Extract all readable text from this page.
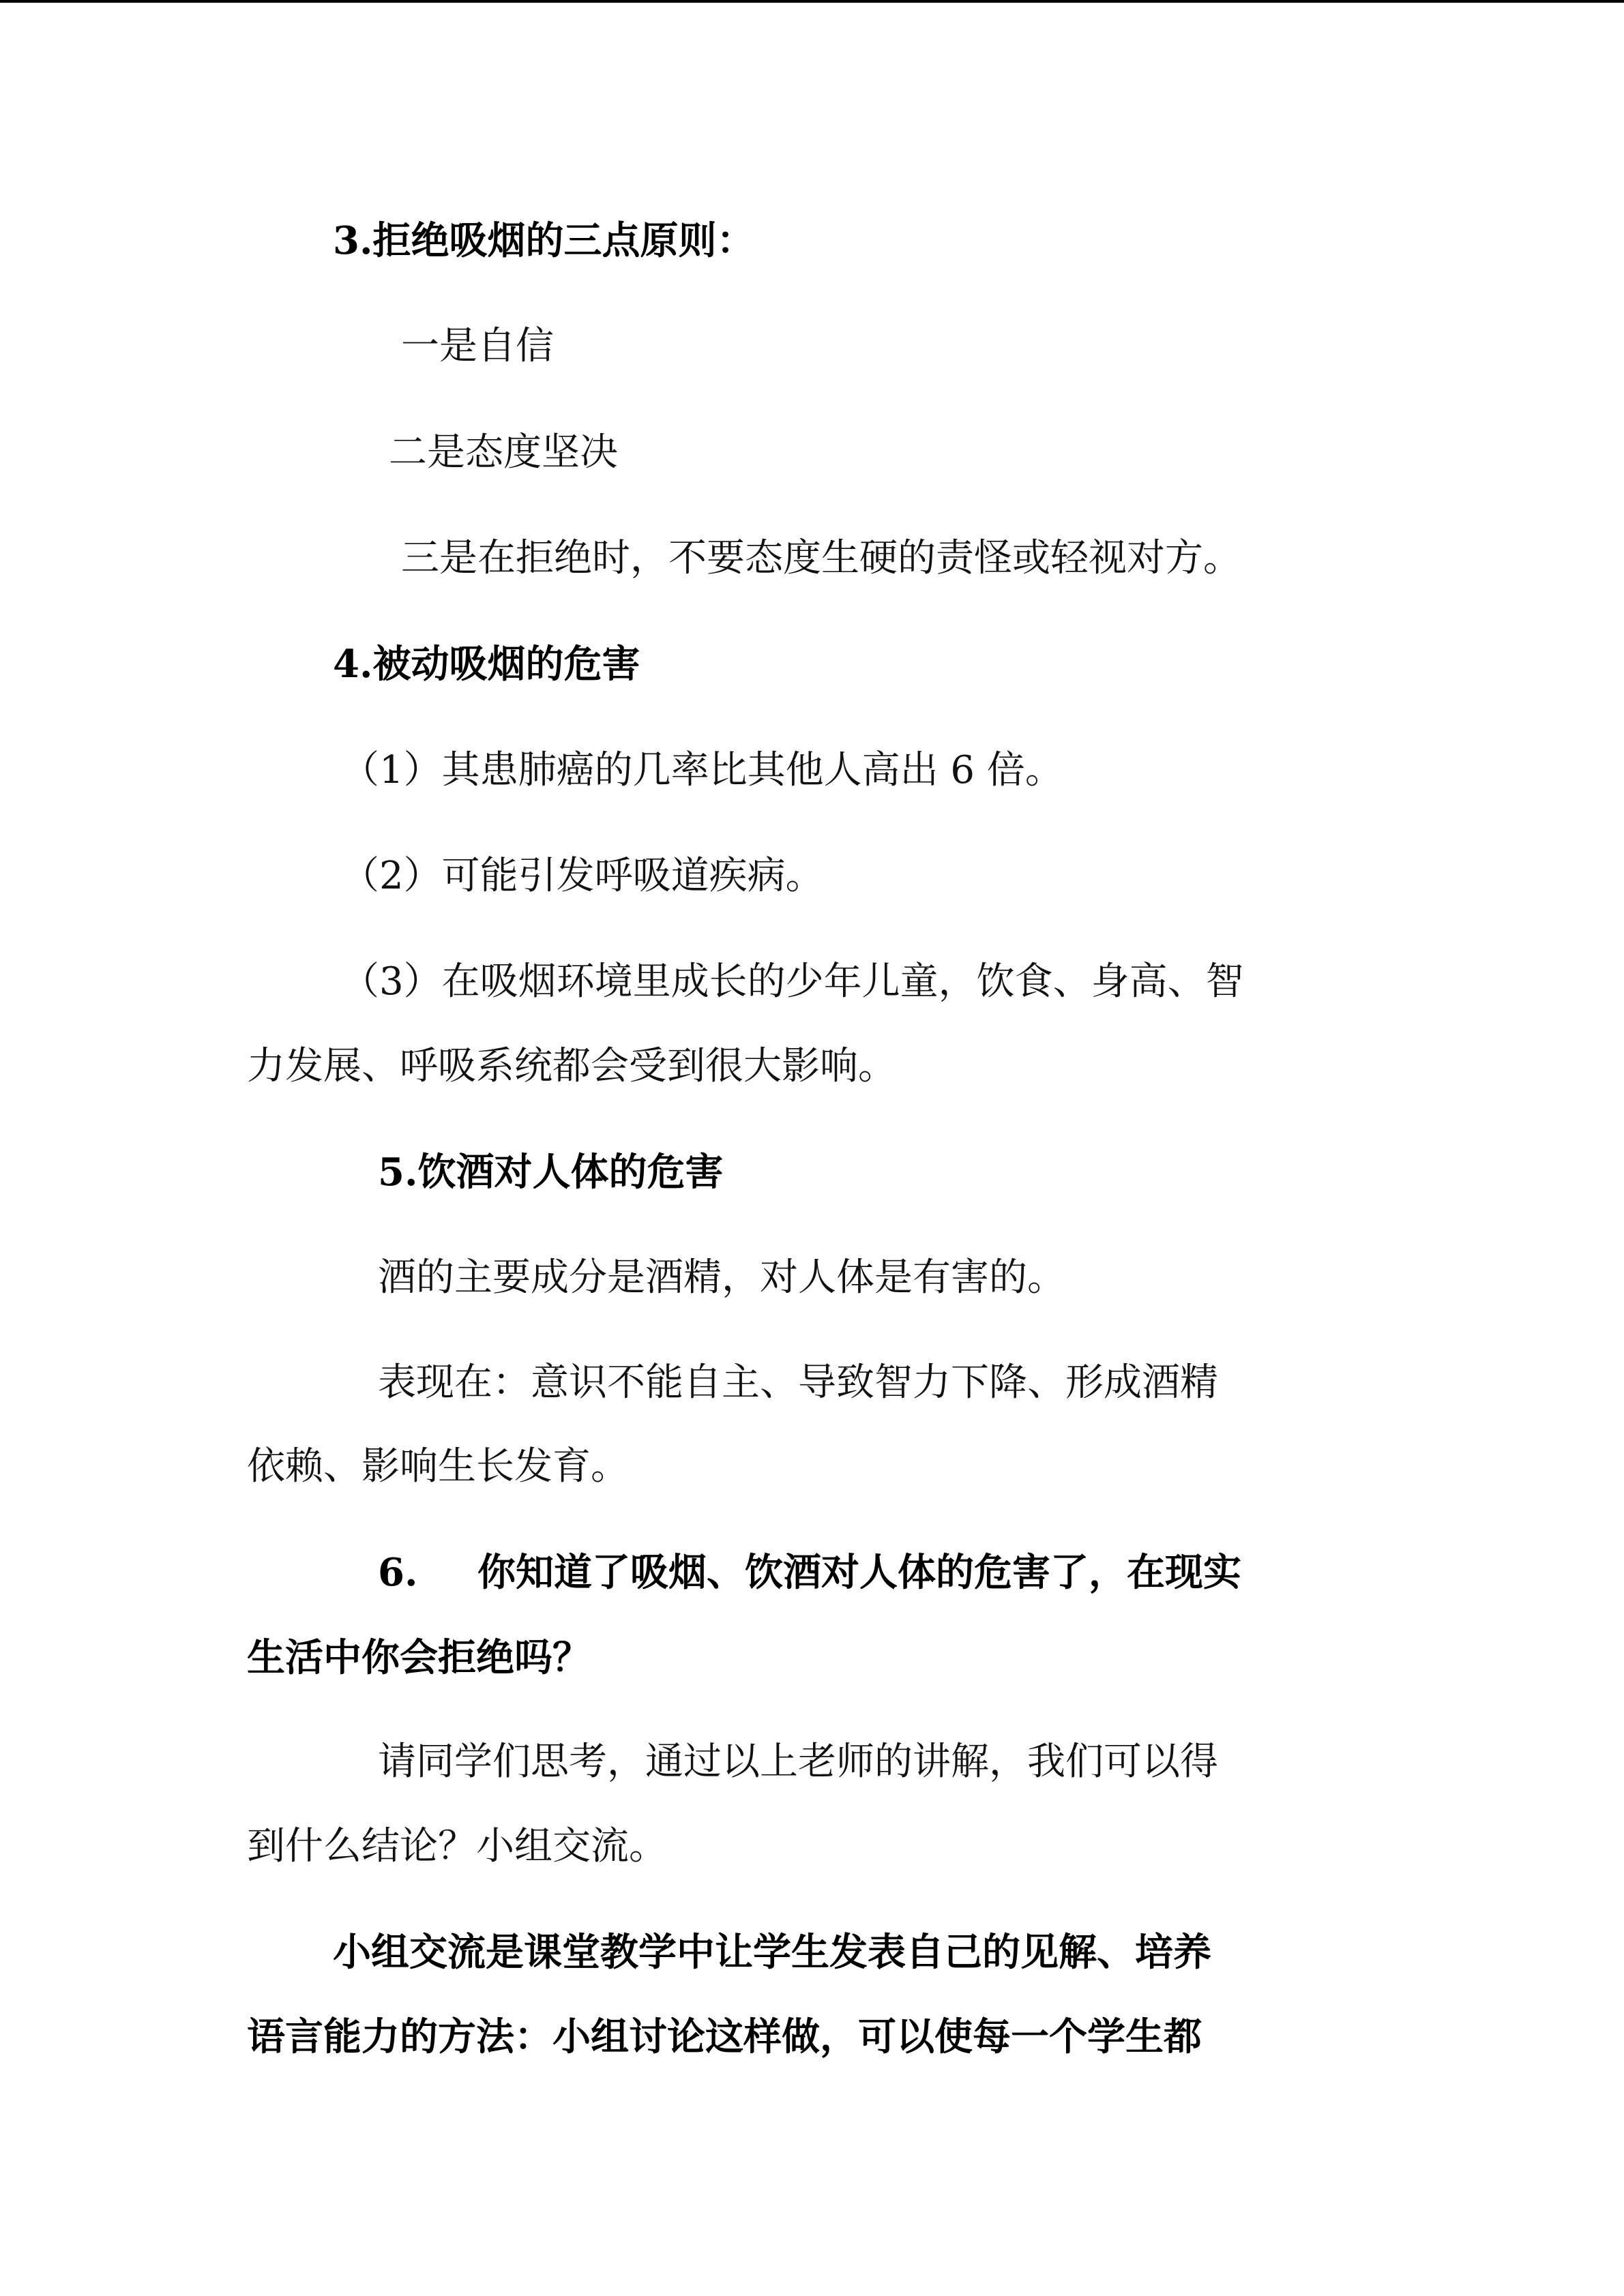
3.拒绝吸烟的三点原则：
一是自信
二是态度坚决
三是在拒绝时，不要态度生硬的责怪或轻视对方。
4.被动吸烟的危害
（1）其患肺癌的几率比其他人高出 6 倍。
（2）可能引发呼吸道疾病。
（3）在吸烟环境里成长的少年儿童，饮食、身高、智
力发展、呼吸系统都会受到很大影响。
5.饮酒对人体的危害
酒的主要成分是酒精，对人体是有害的。
表现在：意识不能自主、导致智力下降、形成酒精
依赖、影响生长发育。
6. 你知道了吸烟、饮酒对人体的危害了，在现实
生活中你会拒绝吗？
请同学们思考，通过以上老师的讲解，我们可以得
到什么结论？小组交流。
小组交流是课堂教学中让学生发表自己的见解、培养
语言能力的方法：小组讨论这样做，可以使每一个学生都
